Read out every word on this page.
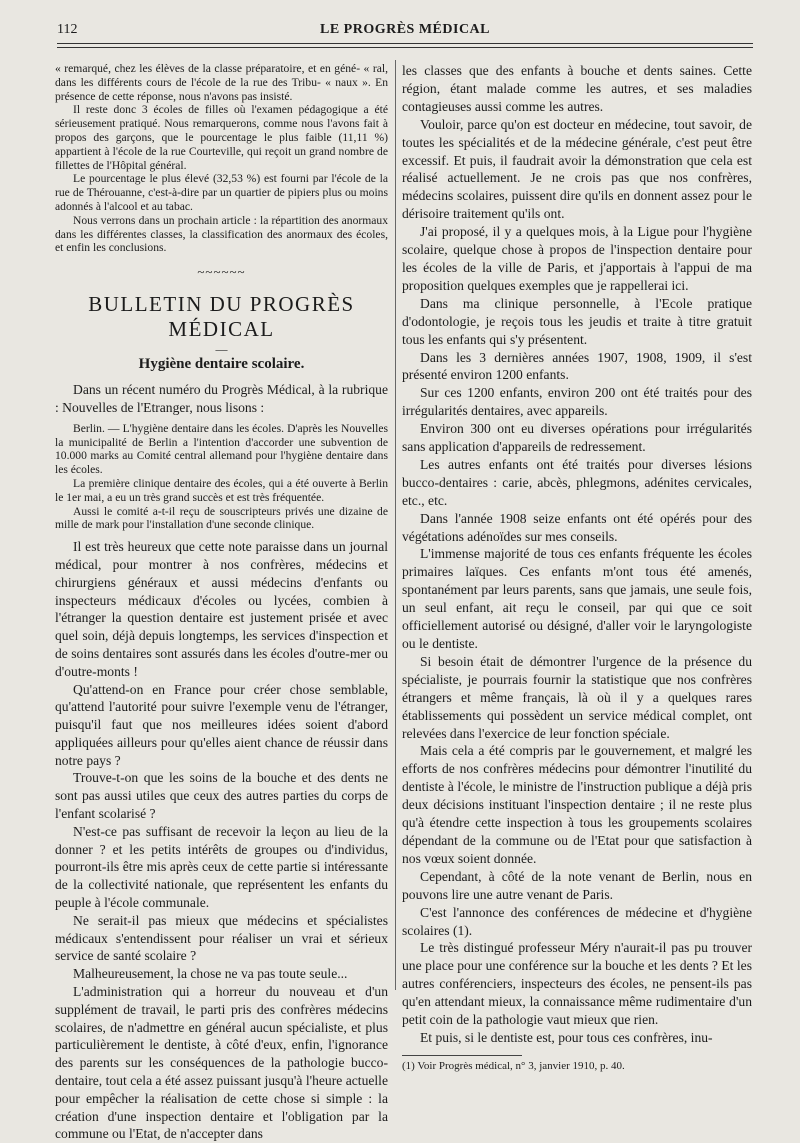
112	LE PROGRÈS MÉDICAL

« remarqué, chez les élèves de la classe préparatoire, et en géné- « ral, dans les différents cours de l'école de la rue des Tribu- « naux ». En présence de cette réponse, nous n'avons pas insisté.

Il reste donc 3 écoles de filles où l'examen pédagogique a été sérieusement pratiqué. Nous remarquerons, comme nous l'avons fait à propos des garçons, que le pourcentage le plus faible (11,11 %) appartient à l'école de la rue Courteville, qui reçoit un grand nombre de fillettes de l'Hôpital général.

Le pourcentage le plus élevé (32,53 %) est fourni par l'école de la rue de Thérouanne, c'est-à-dire par un quartier de pipiers plus ou moins adonnés à l'alcool et au tabac.

Nous verrons dans un prochain article : la répartition des anormaux dans les différentes classes, la classification des anormaux des écoles, et enfin les conclusions.

~~~~~~
BULLETIN DU PROGRÈS MÉDICAL
—
Hygiène dentaire scolaire.

Dans un récent numéro du Progrès Médical, à la rubrique : Nouvelles de l'Etranger, nous lisons :

Berlin. — L'hygiène dentaire dans les écoles. D'après les Nouvelles la municipalité de Berlin a l'intention d'accorder une subvention de 10.000 marks au Comité central allemand pour l'hygiène dentaire dans les écoles.

La première clinique dentaire des écoles, qui a été ouverte à Berlin le 1er mai, a eu un très grand succès et est très fréquentée.

Aussi le comité a-t-il reçu de souscripteurs privés une dizaine de mille de mark pour l'installation d'une seconde clinique.

Il est très heureux que cette note paraisse dans un journal médical, pour montrer à nos confrères, médecins et chirurgiens généraux et aussi médecins d'enfants ou inspecteurs médicaux d'écoles ou lycées, combien à l'étranger la question dentaire est justement prisée et avec quel soin, déjà depuis longtemps, les services d'inspection et de soins dentaires sont assurés dans les écoles d'outre-mer ou d'outre-monts !

Qu'attend-on en France pour créer chose semblable, qu'attend l'autorité pour suivre l'exemple venu de l'étranger, puisqu'il faut que nos meilleures idées soient d'abord appliquées ailleurs pour qu'elles aient chance de réussir dans notre pays ?

Trouve-t-on que les soins de la bouche et des dents ne sont pas aussi utiles que ceux des autres parties du corps de l'enfant scolarisé ?

N'est-ce pas suffisant de recevoir la leçon au lieu de la donner ? et les petits intérêts de groupes ou d'individus, pourront-ils être mis après ceux de cette partie si intéressante de la collectivité nationale, que représentent les enfants du peuple à l'école communale.

Ne serait-il pas mieux que médecins et spécialistes médicaux s'entendissent pour réaliser un vrai et sérieux service de santé scolaire ?

Malheureusement, la chose ne va pas toute seule...

L'administration qui a horreur du nouveau et d'un supplément de travail, le parti pris des confrères médecins scolaires, de n'admettre en général aucun spécialiste, et plus particulièrement le dentiste, à côté d'eux, enfin, l'ignorance des parents sur les conséquences de la pathologie bucco-dentaire, tout cela a été assez puissant jusqu'à l'heure actuelle pour empêcher la réalisation de cette chose si simple : la création d'une inspection dentaire et l'obligation par la commune ou l'Etat, de n'accepter dans

les classes que des enfants à bouche et dents saines. Cette région, étant malade comme les autres, et ses maladies contagieuses aussi comme les autres.

Vouloir, parce qu'on est docteur en médecine, tout savoir, de toutes les spécialités et de la médecine générale, c'est peut être excessif. Et puis, il faudrait avoir la démonstration que cela est réalisé actuellement. Je ne crois pas que nos confrères, médecins scolaires, puissent dire qu'ils en donnent assez pour le dérisoire traitement qu'ils ont.

J'ai proposé, il y a quelques mois, à la Ligue pour l'hygiène scolaire, quelque chose à propos de l'inspection dentaire pour les écoles de la ville de Paris, et j'apportais à l'appui de ma proposition quelques exemples que je rappellerai ici.

Dans ma clinique personnelle, à l'Ecole pratique d'odontologie, je reçois tous les jeudis et traite à titre gratuit tous les enfants qui s'y présentent.

Dans les 3 dernières années 1907, 1908, 1909, il s'est présenté environ 1200 enfants.

Sur ces 1200 enfants, environ 200 ont été traités pour des irrégularités dentaires, avec appareils.

Environ 300 ont eu diverses opérations pour irrégularités sans application d'appareils de redressement.

Les autres enfants ont été traités pour diverses lésions bucco-dentaires : carie, abcès, phlegmons, adénites cervicales, etc., etc.

Dans l'année 1908 seize enfants ont été opérés pour des végétations adénoïdes sur mes conseils.

L'immense majorité de tous ces enfants fréquente les écoles primaires laïques. Ces enfants m'ont tous été amenés, spontanément par leurs parents, sans que jamais, une seule fois, un seul enfant, ait reçu le conseil, par qui que ce soit officiellement autorisé ou désigné, d'aller voir le laryngologiste ou le dentiste.

Si besoin était de démontrer l'urgence de la présence du spécialiste, je pourrais fournir la statistique que nos confrères étrangers et même français, là où il y a quelques rares établissements qui possèdent un service médical complet, ont relevées dans l'exercice de leur fonction spéciale.

Mais cela a été compris par le gouvernement, et malgré les efforts de nos confrères médecins pour démontrer l'inutilité du dentiste à l'école, le ministre de l'instruction publique a déjà pris deux décisions instituant l'inspection dentaire ; il ne reste plus qu'à étendre cette inspection à tous les groupements scolaires dépendant de la commune ou de l'Etat pour que satisfaction à nos vœux soient donnée.

Cependant, à côté de la note venant de Berlin, nous en pouvons lire une autre venant de Paris.

C'est l'annonce des conférences de médecine et d'hygiène scolaires (1).

Le très distingué professeur Méry n'aurait-il pas pu trouver une place pour une conférence sur la bouche et les dents ? Et les autres conférenciers, inspecteurs des écoles, ne pensent-ils pas qu'en attendant mieux, la connaissance même rudimentaire d'un petit coin de la pathologie vaut mieux que rien.

Et puis, si le dentiste est, pour tous ces confrères, inu-

(1) Voir Progrès médical, n° 3, janvier 1910, p. 40.
